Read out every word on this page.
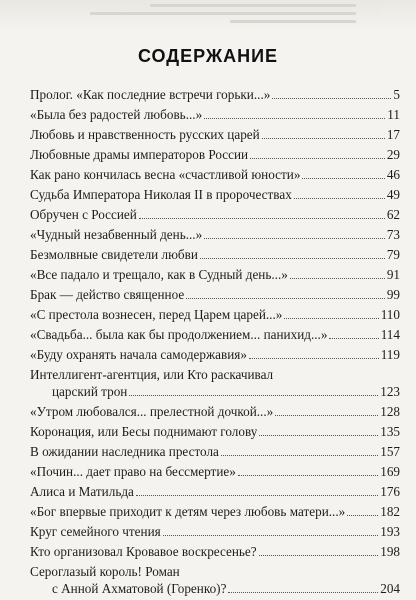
СОДЕРЖАНИЕ
Пролог. «Как последние встречи горьки...»	5
«Была без радостей любовь...»	11
Любовь и нравственность русских царей	17
Любовные драмы императоров России	29
Как рано кончилась весна «счастливой юности»	46
Судьба Императора Николая II в пророчествах	49
Обручен с Россией	62
«Чудный незабвенный день...»	73
Безмолвные свидетели любви	79
«Все падало и трещало, как в Судный день...»	91
Брак — действо священное	99
«С престола вознесен, перед Царем царей...»	110
«Свадьба... была как бы продолжением... панихид...»	114
«Буду охранять начала самодержавия»	119
Интеллигент-агентция, или Кто раскачивал
царский трон	123
«Утром любовался... прелестной дочкой...»	128
Коронация, или Бесы поднимают голову	135
В ожидании наследника престола	157
«Почин... дает право на бессмертие»	169
Алиса и Матильда	176
«Бог впервые приходит к детям через любовь матери...»	182
Круг семейного чтения	193
Кто организовал Кровавое воскресенье?	198
Сероглазый король! Роман
с Анной Ахматовой (Горенко)?	204
